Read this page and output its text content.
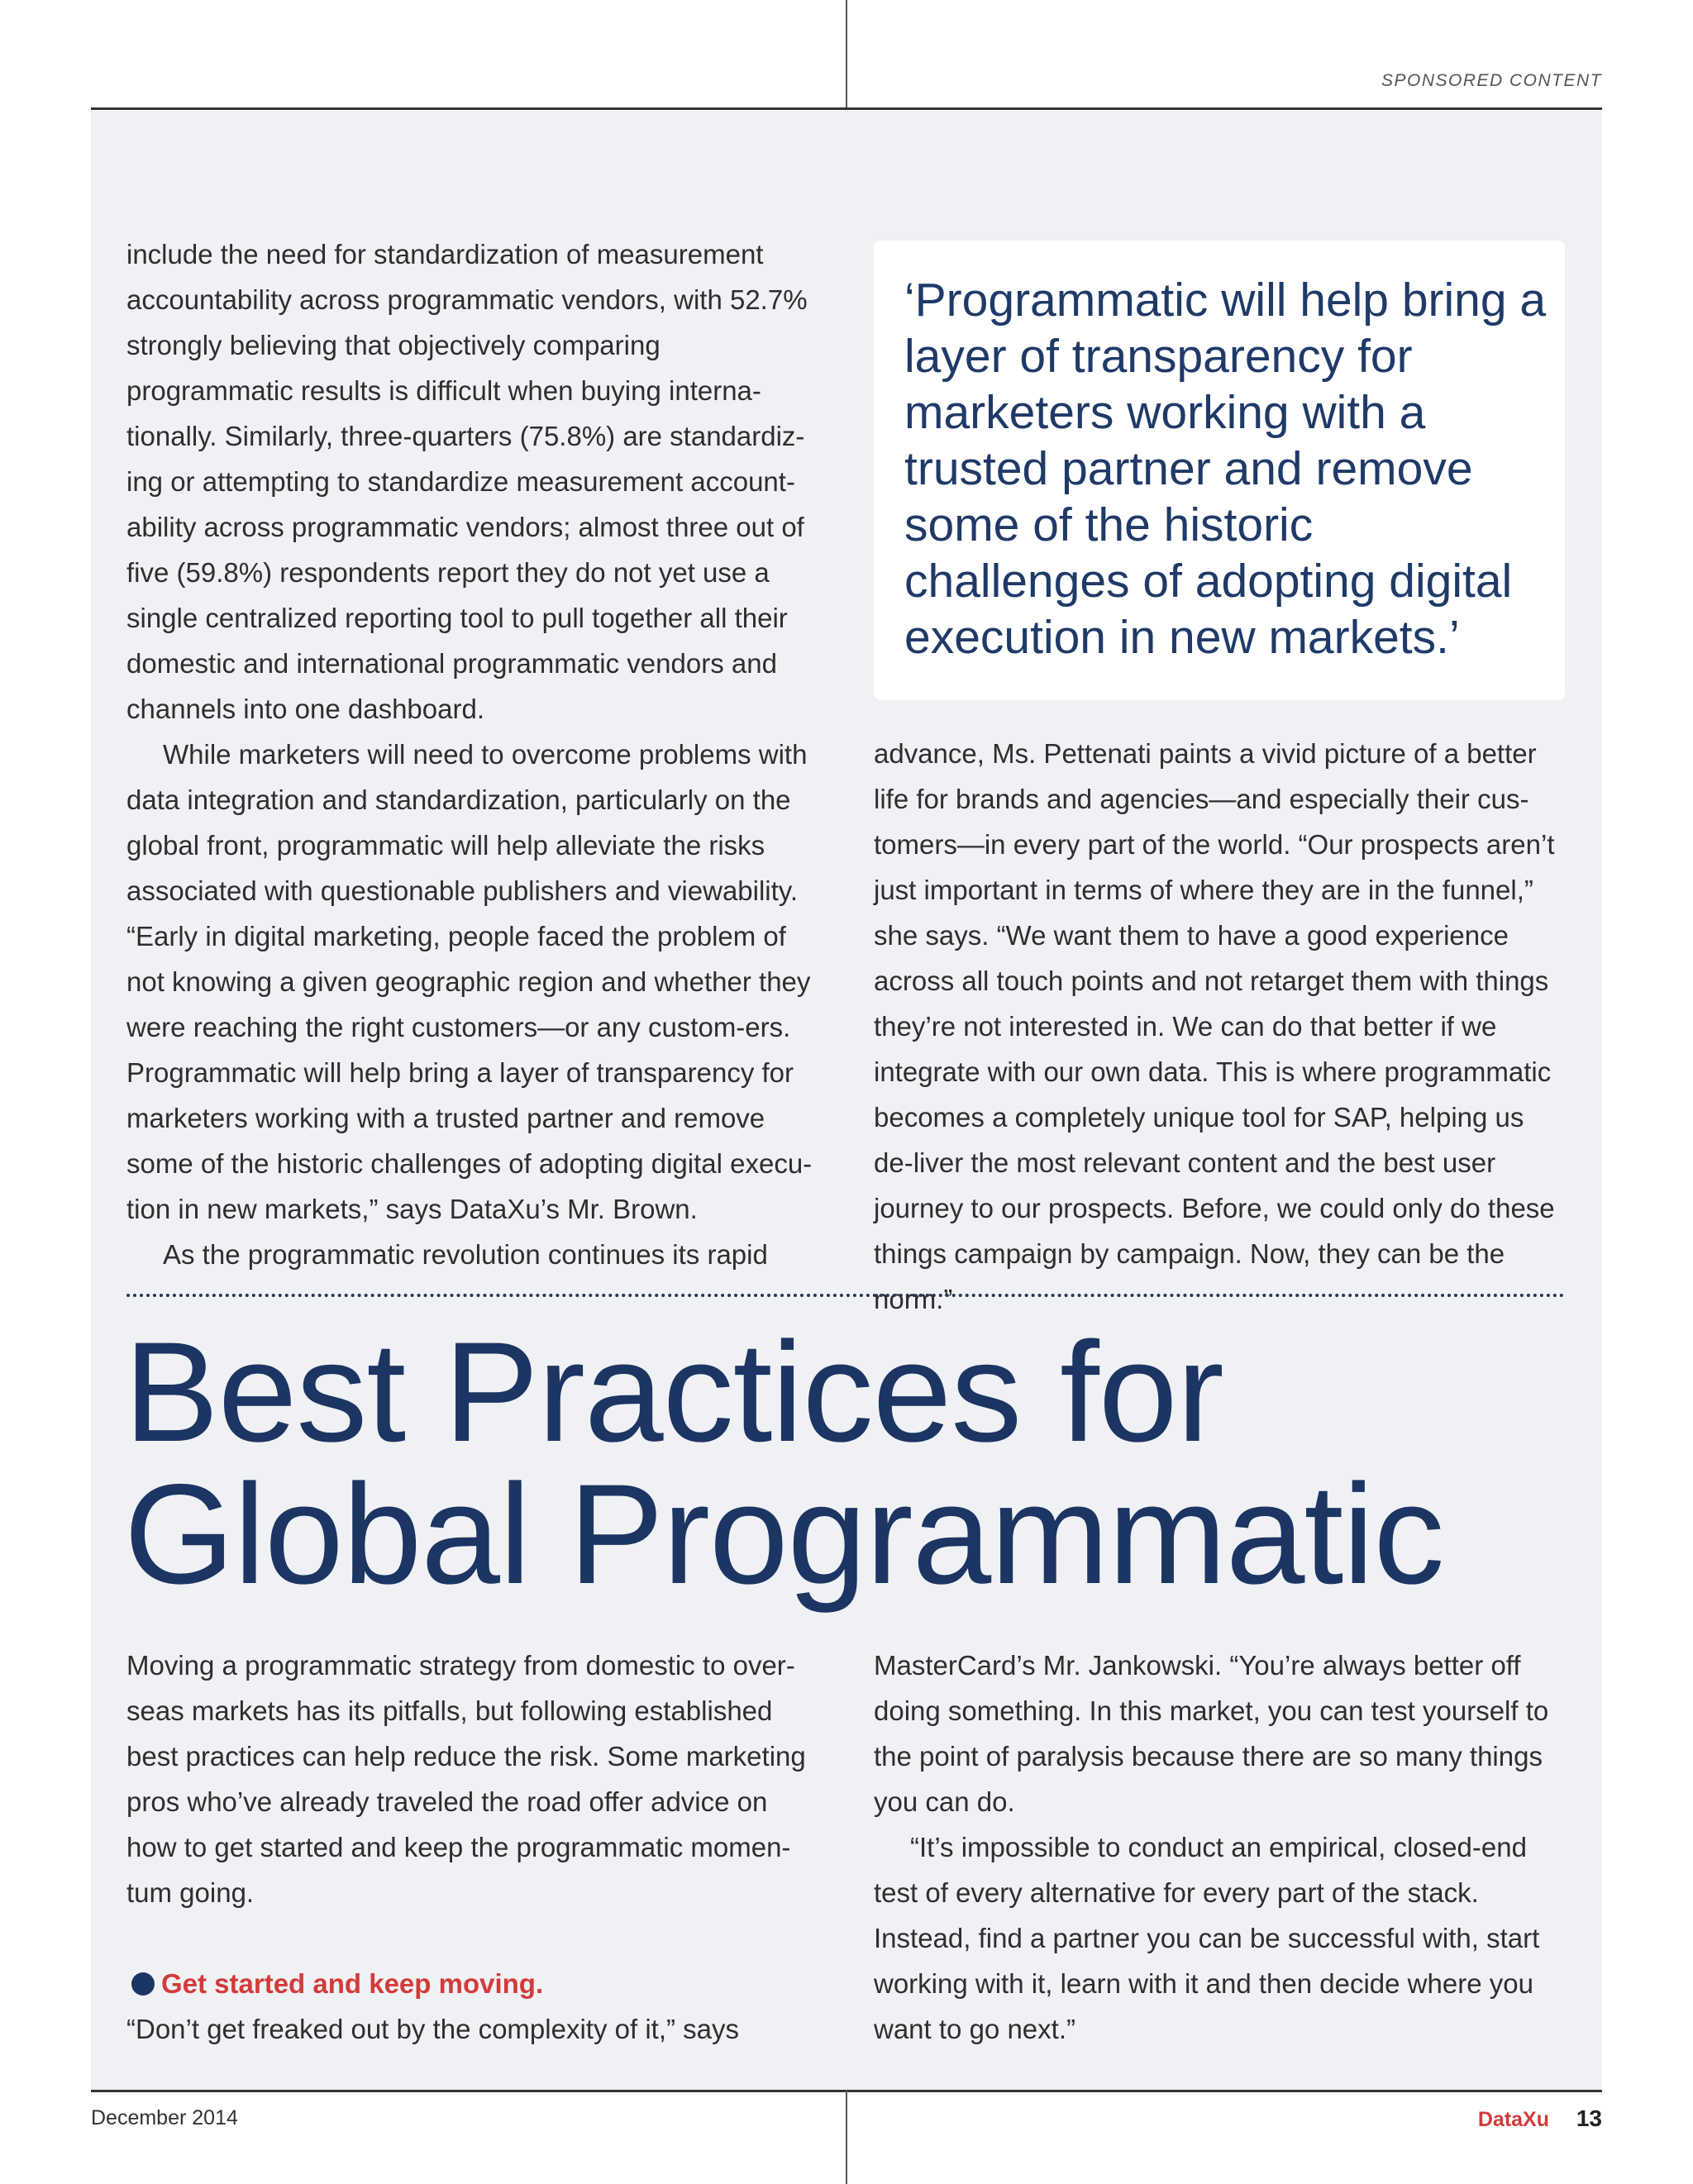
SPONSORED CONTENT

include the need for standardization of measurement accountability across programmatic vendors, with 52.7% strongly believing that objectively comparing programmatic results is difficult when buying interna-tionally. Similarly, three-quarters (75.8%) are standardiz-ing or attempting to standardize measurement account-ability across programmatic vendors; almost three out of five (59.8%) respondents report they do not yet use a single centralized reporting tool to pull together all their domestic and international programmatic vendors and channels into one dashboard.

While marketers will need to overcome problems with data integration and standardization, particularly on the global front, programmatic will help alleviate the risks associated with questionable publishers and viewability. “Early in digital marketing, people faced the problem of not knowing a given geographic region and whether they were reaching the right customers—or any custom-ers. Programmatic will help bring a layer of transparency for marketers working with a trusted partner and remove some of the historic challenges of adopting digital execu-tion in new markets,” says DataXu’s Mr. Brown.

As the programmatic revolution continues its rapid

‘Programmatic will help bring a layer of transparency for marketers working with a trusted partner and remove some of the historic challenges of adopting digital execution in new markets.’

advance, Ms. Pettenati paints a vivid picture of a better life for brands and agencies—and especially their cus-tomers—in every part of the world. “Our prospects aren’t just important in terms of where they are in the funnel,” she says. “We want them to have a good experience across all touch points and not retarget them with things they’re not interested in. We can do that better if we integrate with our own data. This is where programmatic becomes a completely unique tool for SAP, helping us de-liver the most relevant content and the best user journey to our prospects. Before, we could only do these things campaign by campaign. Now, they can be the norm.”

Best Practices for
Global Programmatic

Moving a programmatic strategy from domestic to over-seas markets has its pitfalls, but following established best practices can help reduce the risk. Some marketing pros who’ve already traveled the road offer advice on how to get started and keep the programmatic momen-tum going.

Get started and keep moving.

“Don’t get freaked out by the complexity of it,” says

MasterCard’s Mr. Jankowski. “You’re always better off doing something. In this market, you can test yourself to the point of paralysis because there are so many things you can do.

“It’s impossible to conduct an empirical, closed-end test of every alternative for every part of the stack. Instead, find a partner you can be successful with, start working with it, learn with it and then decide where you want to go next.”

December 2014	DataXu 13
